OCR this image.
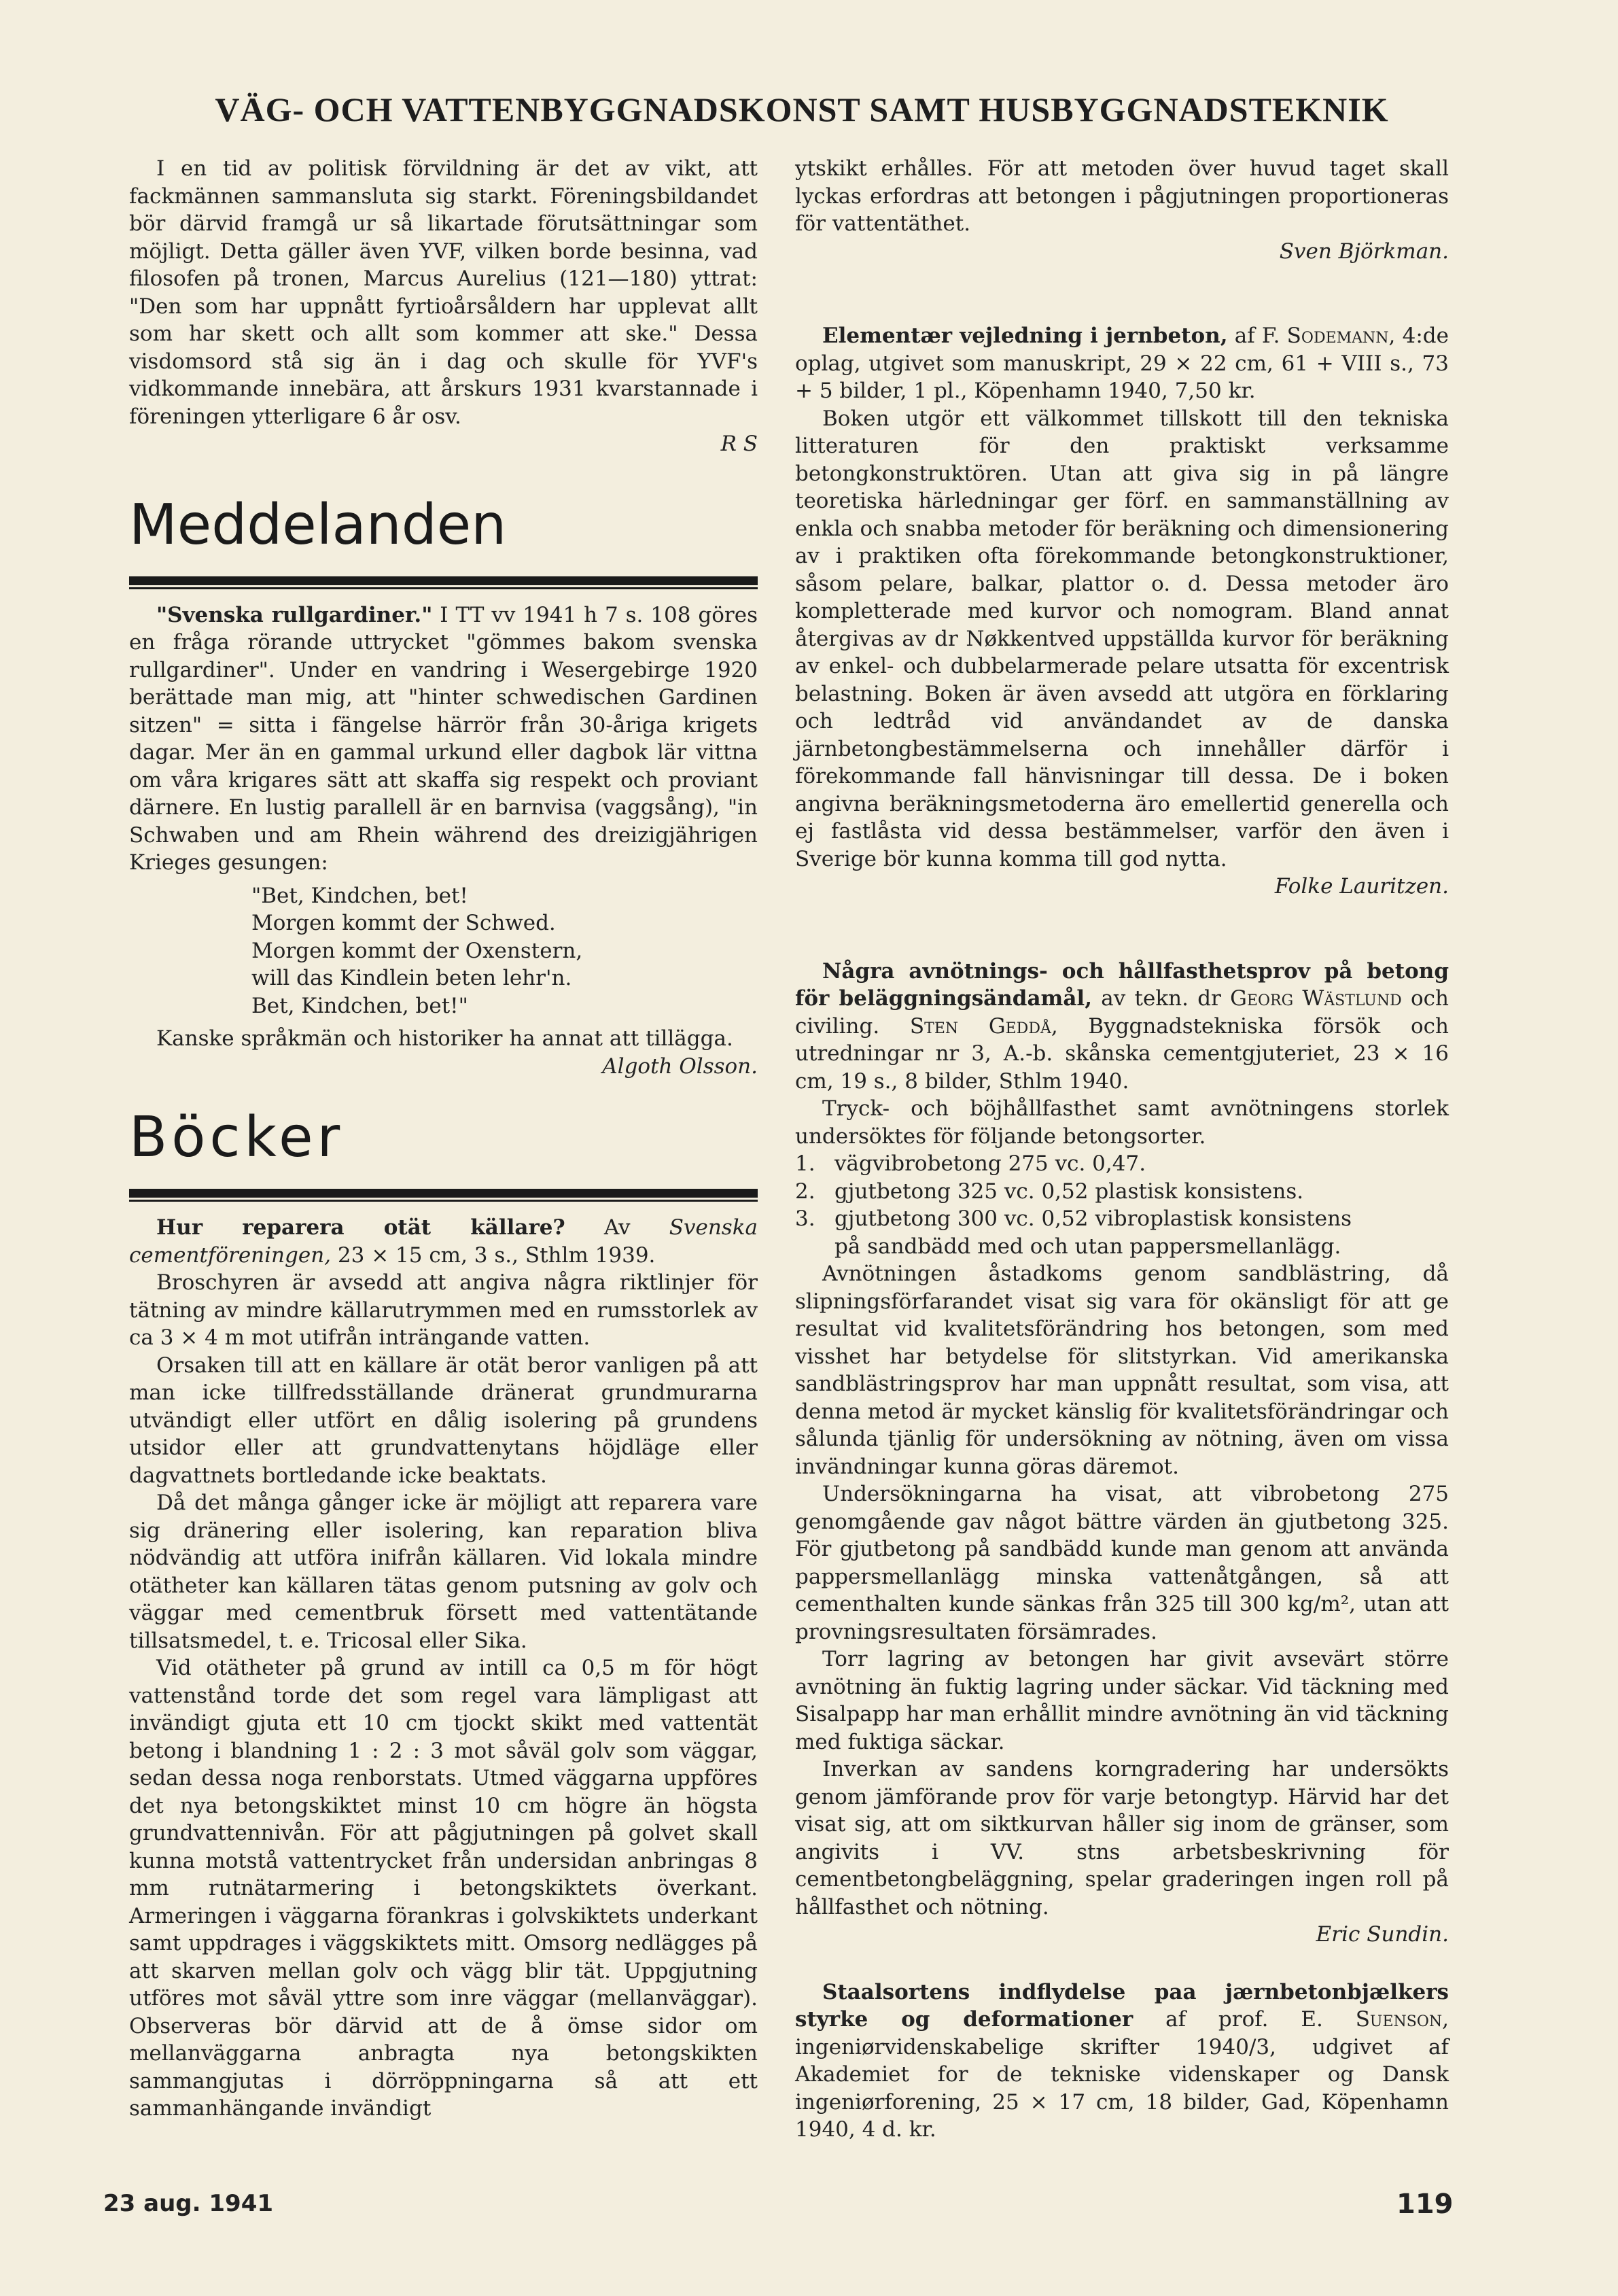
VÄG- OCH VATTENBYGGNADSKONST SAMT HUSBYGGNADSTEKNIK

I en tid av politisk förvildning är det av vikt, att fackmännen sammansluta sig starkt. Föreningsbildandet bör därvid framgå ur så likartade förutsättningar som möjligt. Detta gäller även YVF, vilken borde besinna, vad filosofen på tronen, Marcus Aurelius (121—180) yttrat: "Den som har uppnått fyrtioårsåldern har upplevat allt som har skett och allt som kommer att ske." Dessa visdomsord stå sig än i dag och skulle för YVF's vidkommande innebära, att årskurs 1931 kvarstannade i föreningen ytterligare 6 år osv.

R S

Meddelanden

"Svenska rullgardiner." I TT vv 1941 h 7 s. 108 göres en fråga rörande uttrycket "gömmes bakom svenska rullgardiner". Under en vandring i Wesergebirge 1920 berättade man mig, att "hinter schwedischen Gardinen sitzen" = sitta i fängelse härrör från 30-åriga krigets dagar. Mer än en gammal urkund eller dagbok lär vittna om våra krigares sätt att skaffa sig respekt och proviant därnere. En lustig parallell är en barnvisa (vaggsång), "in Schwaben und am Rhein während des dreizigjährigen Krieges gesungen:

"Bet, Kindchen, bet!
Morgen kommt der Schwed.
Morgen kommt der Oxenstern,
will das Kindlein beten lehr'n.
Bet, Kindchen, bet!"

Kanske språkmän och historiker ha annat att tillägga.

Algoth Olsson.

Böcker

Hur reparera otät källare? Av Svenska cementföreningen, 23 × 15 cm, 3 s., Sthlm 1939.

Broschyren är avsedd att angiva några riktlinjer för tätning av mindre källarutrymmen med en rumsstorlek av ca 3 × 4 m mot utifrån inträngande vatten.

Orsaken till att en källare är otät beror vanligen på att man icke tillfredsställande dränerat grundmurarna utvändigt eller utfört en dålig isolering på grundens utsidor eller att grundvattenytans höjdläge eller dagvattnets bortledande icke beaktats.

Då det många gånger icke är möjligt att reparera vare sig dränering eller isolering, kan reparation bliva nödvändig att utföra inifrån källaren. Vid lokala mindre otätheter kan källaren tätas genom putsning av golv och väggar med cementbruk försett med vattentätande tillsatsmedel, t. e. Tricosal eller Sika.

Vid otätheter på grund av intill ca 0,5 m för högt vattenstånd torde det som regel vara lämpligast att invändigt gjuta ett 10 cm tjockt skikt med vattentät betong i blandning 1 : 2 : 3 mot såväl golv som väggar, sedan dessa noga renborstats. Utmed väggarna uppföres det nya betongskiktet minst 10 cm högre än högsta grundvattennivån. För att pågjutningen på golvet skall kunna motstå vattentrycket från undersidan anbringas 8 mm rutnätarmering i betongskiktets överkant. Armeringen i väggarna förankras i golvskiktets underkant samt uppdrages i väggskiktets mitt. Omsorg nedlägges på att skarven mellan golv och vägg blir tät. Uppgjutning utföres mot såväl yttre som inre väggar (mellanväggar). Observeras bör därvid att de å ömse sidor om mellanväggarna anbragta nya betongskikten sammangjutas i dörröppningarna så att ett sammanhängande invändigt

ytskikt erhålles. För att metoden över huvud taget skall lyckas erfordras att betongen i pågjutningen proportioneras för vattentäthet.

Sven Björkman.

Elementær vejledning i jernbeton, af F. Sodemann, 4:de oplag, utgivet som manuskript, 29 × 22 cm, 61 + VIII s., 73 + 5 bilder, 1 pl., Köpenhamn 1940, 7,50 kr.

Boken utgör ett välkommet tillskott till den tekniska litteraturen för den praktiskt verksamme betongkonstruktören. Utan att giva sig in på längre teoretiska härledningar ger förf. en sammanställning av enkla och snabba metoder för beräkning och dimensionering av i praktiken ofta förekommande betongkonstruktioner, såsom pelare, balkar, plattor o. d. Dessa metoder äro kompletterade med kurvor och nomogram. Bland annat återgivas av dr Nøkkentved uppställda kurvor för beräkning av enkel- och dubbelarmerade pelare utsatta för excentrisk belastning. Boken är även avsedd att utgöra en förklaring och ledtråd vid användandet av de danska järnbetongbestämmelserna och innehåller därför i förekommande fall hänvisningar till dessa. De i boken angivna beräkningsmetoderna äro emellertid generella och ej fastlåsta vid dessa bestämmelser, varför den även i Sverige bör kunna komma till god nytta.

Folke Lauritzen.

Några avnötnings- och hållfasthetsprov på betong för beläggningsändamål, av tekn. dr Georg Wästlund och civiling. Sten Geddå, Byggnadstekniska försök och utredningar nr 3, A.-b. skånska cementgjuteriet, 23 × 16 cm, 19 s., 8 bilder, Sthlm 1940.

Tryck- och böjhållfasthet samt avnötningens storlek undersöktes för följande betongsorter.

1. vägvibrobetong 275 vc. 0,47.
2. gjutbetong 325 vc. 0,52 plastisk konsistens.
3. gjutbetong 300 vc. 0,52 vibroplastisk konsistens
på sandbädd med och utan pappersmellanlägg.

Avnötningen åstadkoms genom sandblästring, då slipningsförfarandet visat sig vara för okänsligt för att ge resultat vid kvalitetsförändring hos betongen, som med visshet har betydelse för slitstyrkan. Vid amerikanska sandblästringsprov har man uppnått resultat, som visa, att denna metod är mycket känslig för kvalitetsförändringar och sålunda tjänlig för undersökning av nötning, även om vissa invändningar kunna göras däremot.

Undersökningarna ha visat, att vibrobetong 275 genomgående gav något bättre värden än gjutbetong 325. För gjutbetong på sandbädd kunde man genom att använda pappersmellanlägg minska vattenåtgången, så att cementhalten kunde sänkas från 325 till 300 kg/m², utan att provningsresultaten försämrades.

Torr lagring av betongen har givit avsevärt större avnötning än fuktig lagring under säckar. Vid täckning med Sisalpapp har man erhållit mindre avnötning än vid täckning med fuktiga säckar.

Inverkan av sandens korngradering har undersökts genom jämförande prov för varje betongtyp. Härvid har det visat sig, att om siktkurvan håller sig inom de gränser, som angivits i VV. stns arbetsbeskrivning för cementbetongbeläggning, spelar graderingen ingen roll på hållfasthet och nötning.

Eric Sundin.

Staalsortens indflydelse paa jærnbetonbjælkers styrke og deformationer af prof. E. Suenson, ingeniørvidenskabelige skrifter 1940/3, udgivet af Akademiet for de tekniske videnskaper og Dansk ingeniørforening, 25 × 17 cm, 18 bilder, Gad, Köpenhamn 1940, 4 d. kr.

23 aug. 1941	119
